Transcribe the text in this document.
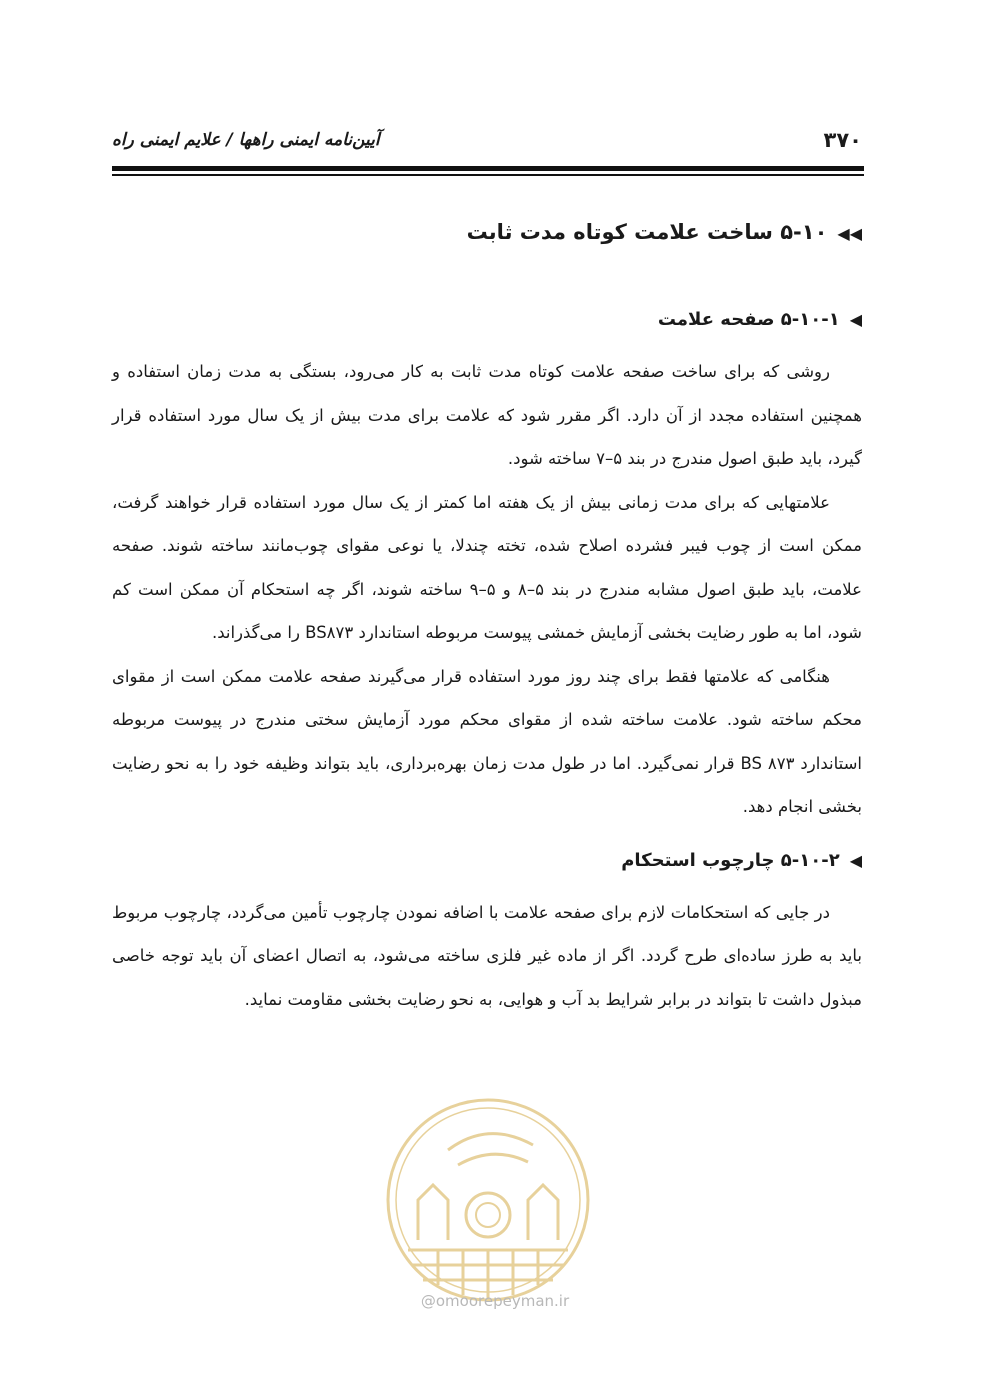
۳۷۰
آیین‌نامه ایمنی راهها / علایم ایمنی راه
◀◀۵-۱۰ ساخت علامت کوتاه مدت ثابت
◀۵-۱۰-۱ صفحه علامت

روشی که برای ساخت صفحه علامت کوتاه مدت ثابت به کار می‌رود، بستگی به مدت زمان استفاده و همچنین استفاده مجدد از آن دارد. اگر مقرر شود که علامت برای مدت بیش از یک سال مورد استفاده قرار گیرد، باید طبق اصول مندرج در بند ۵–۷ ساخته شود.

علامتهایی که برای مدت زمانی بیش از یک هفته اما کمتر از یک سال مورد استفاده قرار خواهند گرفت، ممکن است از چوب فیبر فشرده اصلاح شده، تخته چندلا، یا نوعی مقوای چوب‌مانند ساخته شوند. صفحه علامت، باید طبق اصول مشابه مندرج در بند ۵–۸ و ۵–۹ ساخته شوند، اگر چه استحکام آن ممکن است کم شود، اما به طور رضایت بخشی آزمایش خمشی پیوست مربوطه استاندارد BS۸۷۳ را می‌گذراند.

هنگامی که علامتها فقط برای چند روز مورد استفاده قرار می‌گیرند صفحه علامت ممکن است از مقوای محکم ساخته شود. علامت ساخته شده از مقوای محکم مورد آزمایش سختی مندرج در پیوست مربوطه استاندارد BS ۸۷۳ قرار نمی‌گیرد. اما در طول مدت زمان بهره‌برداری، باید بتواند وظیفه خود را به نحو رضایت بخشی انجام دهد.

◀۵-۱۰-۲ چارچوب استحکام

در جایی که استحکامات لازم برای صفحه علامت با اضافه نمودن چارچوب تأمین می‌گردد، چارچوب مربوط باید به طرز ساده‌ای طرح گردد. اگر از ماده غیر فلزی ساخته می‌شود، به اتصال اعضای آن باید توجه خاصی مبذول داشت تا بتواند در برابر شرایط بد آب و هوایی، به نحو رضایت بخشی مقاومت نماید.

@omoorepeyman.ir
